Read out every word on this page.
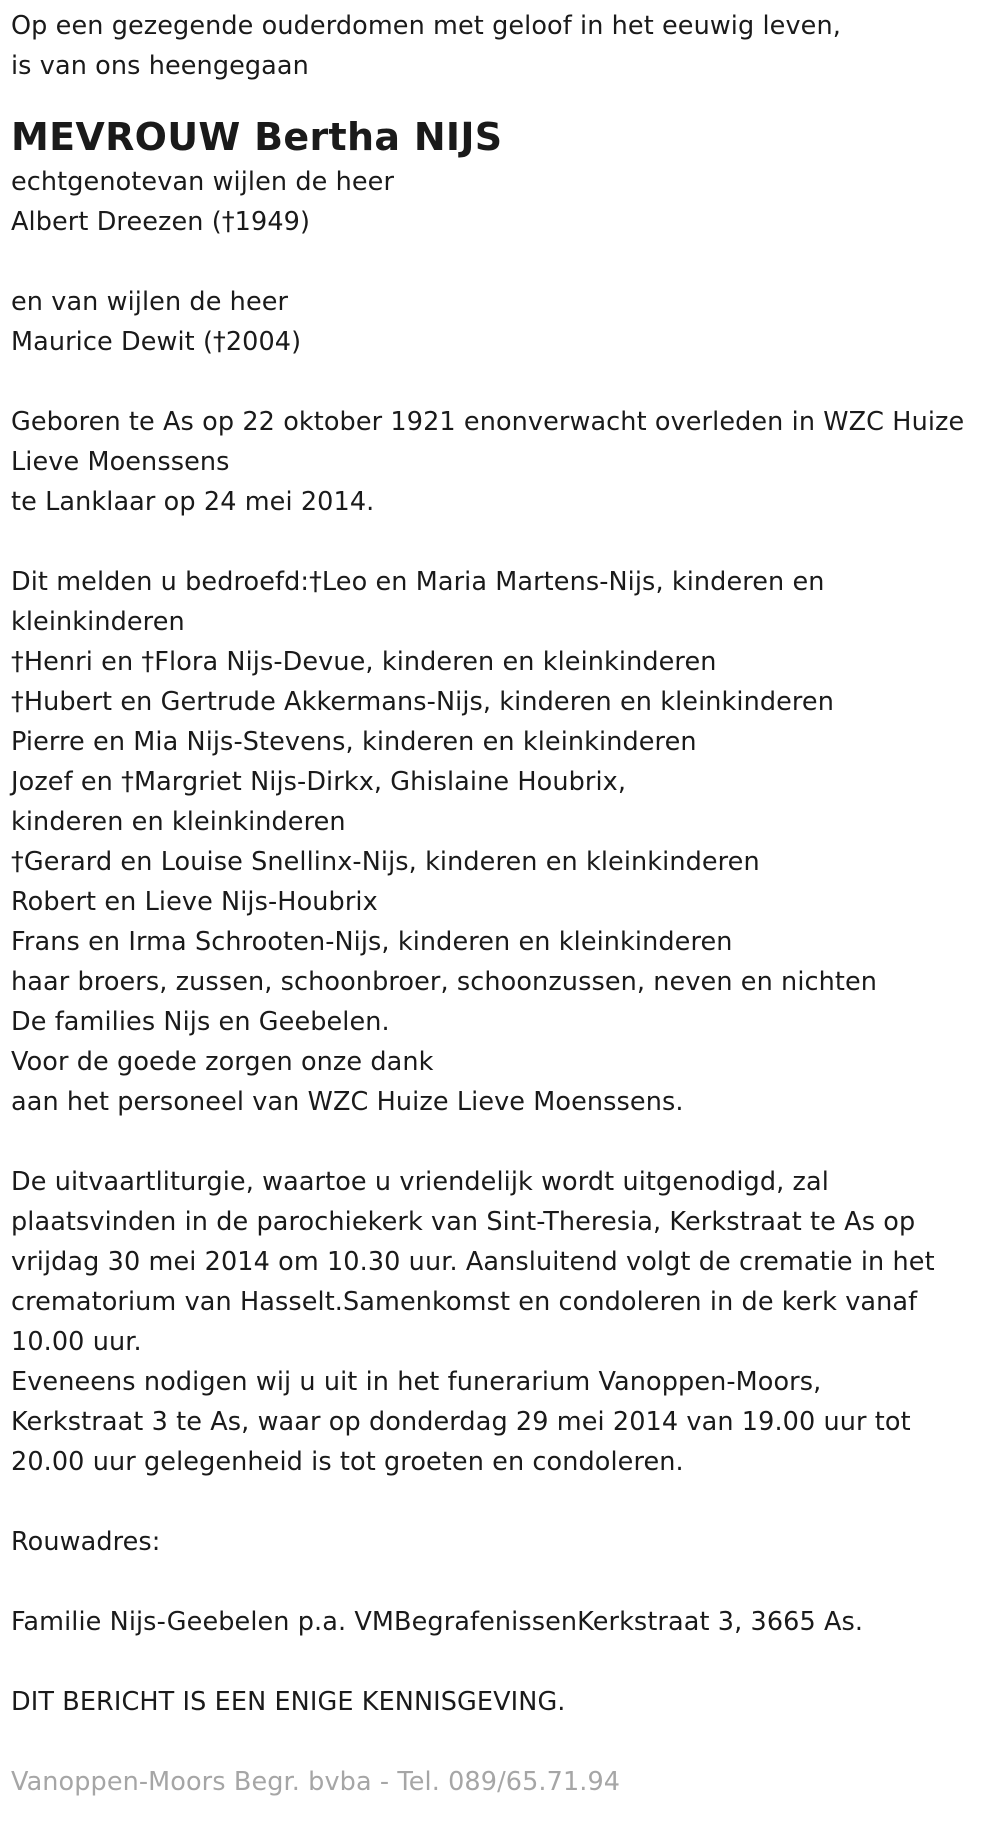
Op een gezegende ouderdomen met geloof in het eeuwig leven,
is van ons heengegaan
MEVROUW Bertha NIJS
echtgenotevan wijlen de heer
Albert Dreezen (†1949)
en van wijlen de heer
Maurice Dewit (†2004)
Geboren te As op 22 oktober 1921 enonverwacht overleden in WZC Huize
Lieve Moenssens
te Lanklaar op 24 mei 2014.
Dit melden u bedroefd:†Leo en Maria Martens-Nijs, kinderen en
kleinkinderen
†Henri en †Flora Nijs-Devue, kinderen en kleinkinderen
†Hubert en Gertrude Akkermans-Nijs, kinderen en kleinkinderen
Pierre en Mia Nijs-Stevens, kinderen en kleinkinderen
Jozef en †Margriet Nijs-Dirkx, Ghislaine Houbrix,
kinderen en kleinkinderen
†Gerard en Louise Snellinx-Nijs, kinderen en kleinkinderen
Robert en Lieve Nijs-Houbrix
Frans en Irma Schrooten-Nijs, kinderen en kleinkinderen
haar broers, zussen, schoonbroer, schoonzussen, neven en nichten
De families Nijs en Geebelen.
Voor de goede zorgen onze dank
aan het personeel van WZC Huize Lieve Moenssens.
De uitvaartliturgie, waartoe u vriendelijk wordt uitgenodigd, zal
plaatsvinden in de parochiekerk van Sint-Theresia, Kerkstraat te As op
vrijdag 30 mei 2014 om 10.30 uur. Aansluitend volgt de crematie in het
crematorium van Hasselt.Samenkomst en condoleren in de kerk vanaf
10.00 uur.
Eveneens nodigen wij u uit in het funerarium Vanoppen-Moors,
Kerkstraat 3 te As, waar op donderdag 29 mei 2014 van 19.00 uur tot
20.00 uur gelegenheid is tot groeten en condoleren.
Rouwadres:
Familie Nijs-Geebelen p.a. VMBegrafenissenKerkstraat 3, 3665 As.
DIT BERICHT IS EEN ENIGE KENNISGEVING.
Vanoppen-Moors Begr. bvba - Tel. 089/65.71.94
